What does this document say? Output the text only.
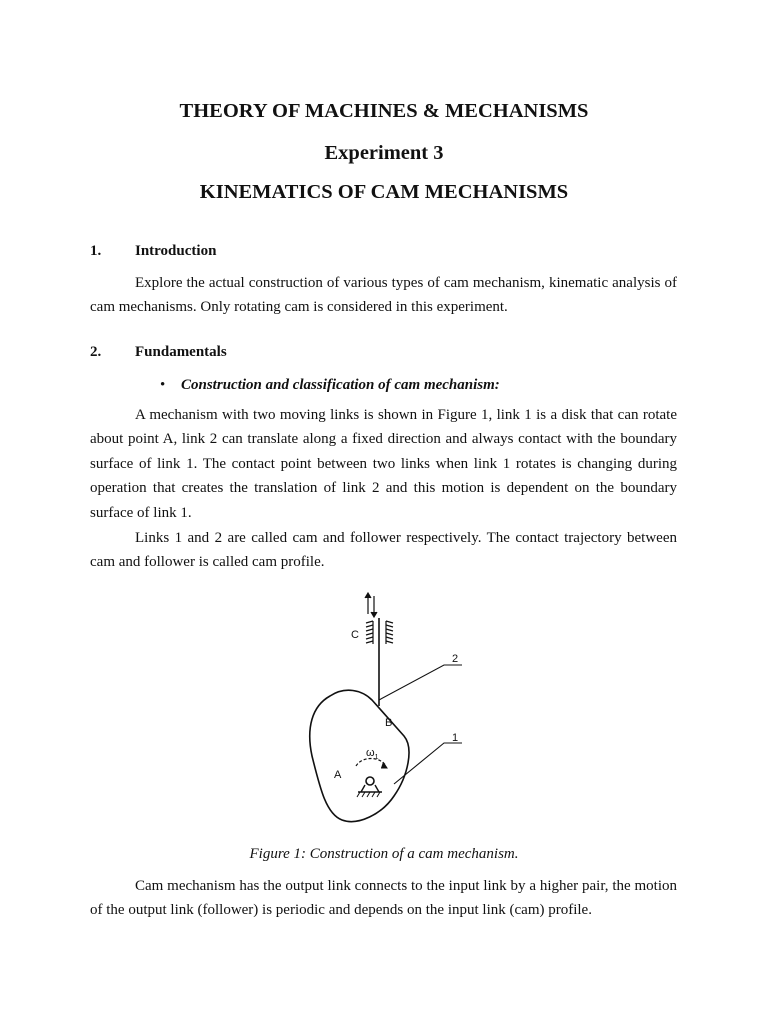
THEORY OF MACHINES & MECHANISMS
Experiment 3
KINEMATICS OF CAM MECHANISMS
1. Introduction

Explore the actual construction of various types of cam mechanism, kinematic analysis of cam mechanisms. Only rotating cam is considered in this experiment.

2. Fundamentals
• Construction and classification of cam mechanism:

A mechanism with two moving links is shown in Figure 1, link 1 is a disk that can rotate about point A, link 2 can translate along a fixed direction and always contact with the boundary surface of link 1. The contact point between two links when link 1 rotates is changing during operation that creates the translation of link 2 and this motion is dependent on the boundary surface of link 1.

Links 1 and 2 are called cam and follower respectively. The contact trajectory between cam and follower is called cam profile.

C
2
B
1
$\omega_1$
A
Figure 1: Construction of a cam mechanism.

Cam mechanism has the output link connects to the input link by a higher pair, the motion of the output link (follower) is periodic and depends on the input link (cam) profile.
